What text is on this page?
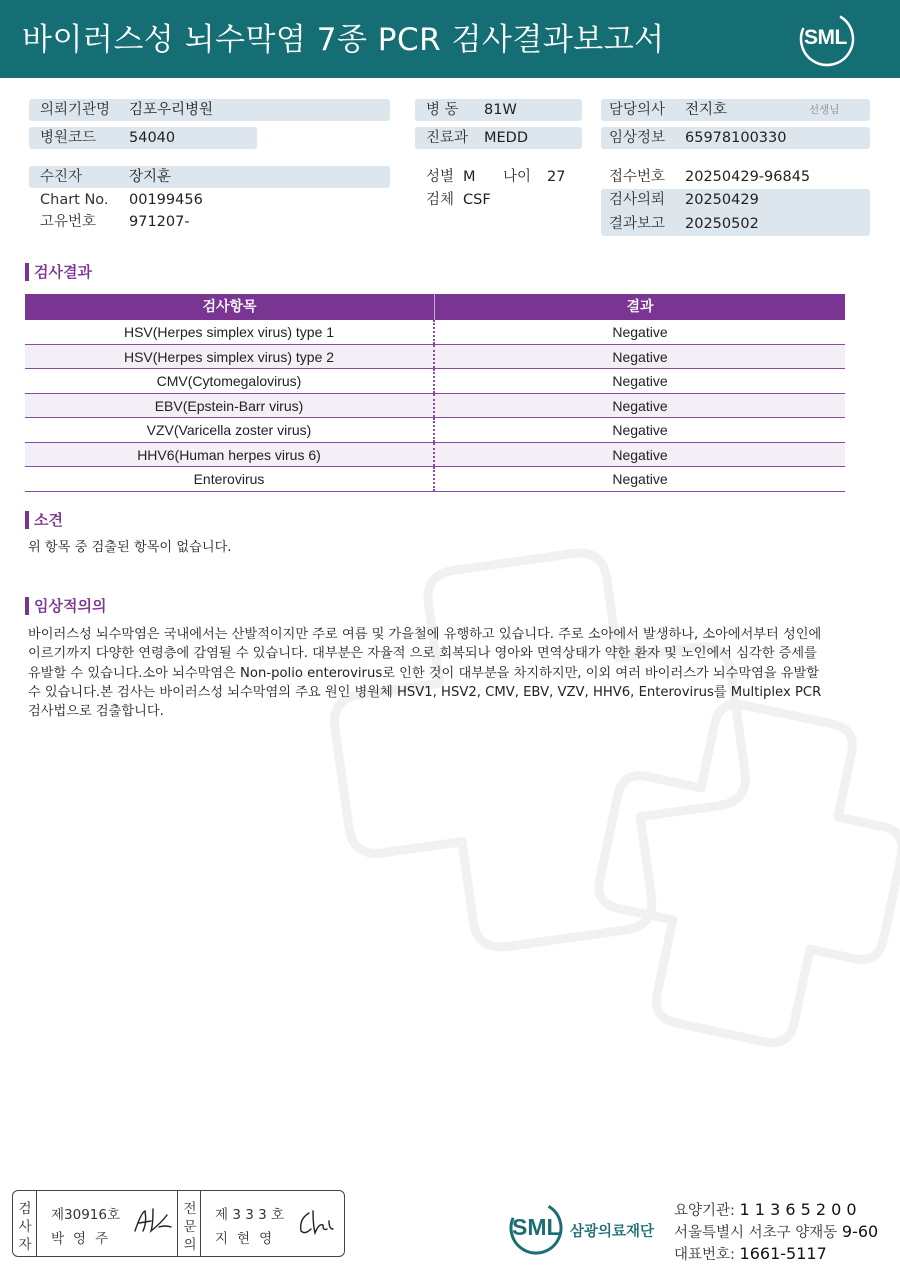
바이러스성 뇌수막염 7종 PCR 검사결과보고서	SML
의뢰기관명 김포우리병원
병원코드 54040
수진자	장지훈
Chart No. 00199456
고유번호 971207-
병 동 81W
진료과 MEDD
성별 M 나이 27
검체 CSF
담당의사 전지호	선생님
임상정보 65978100330
접수번호 20250429-96845
검사의뢰 20250429
결과보고 20250502
검사결과
검사항목	결과
HSV(Herpes simplex virus) type 1	Negative
HSV(Herpes simplex virus) type 2	Negative
CMV(Cytomegalovirus)	Negative
EBV(Epstein-Barr virus)	Negative
VZV(Varicella zoster virus)	Negative
HHV6(Human herpes virus 6)	Negative
Enterovirus	Negative
소견
위 항목 중 검출된 항목이 없습니다.
임상적의의
바이러스성 뇌수막염은 국내에서는 산발적이지만 주로 여름 및 가을철에 유행하고 있습니다. 주로 소아에서 발생하나, 소아에서부터 성인에
이르기까지 다양한 연령층에 감염될 수 있습니다. 대부분은 자율적 으로 회복되나 영아와 면역상태가 약한 환자 및 노인에서 심각한 증세를
유발할 수 있습니다.소아 뇌수막염은 Non-polio enterovirus로 인한 것이 대부분을 차지하지만, 이외 여러 바이러스가 뇌수막염을 유발할
수 있습니다.본 검사는 바이러스성 뇌수막염의 주요 원인 병원체 HSV1, HSV2, CMV, EBV, VZV, HHV6, Enterovirus를 Multiplex PCR
검사법으로 검출합니다.
검
사
자
제30916호
박영주
전
문
의
제 3 3 3 호
지현영	SML 삼광의료재단
요양기관: 1 1 3 6 5 2 0 0
서울특별시 서초구 양재동 9-60
대표번호: 1661-5117
